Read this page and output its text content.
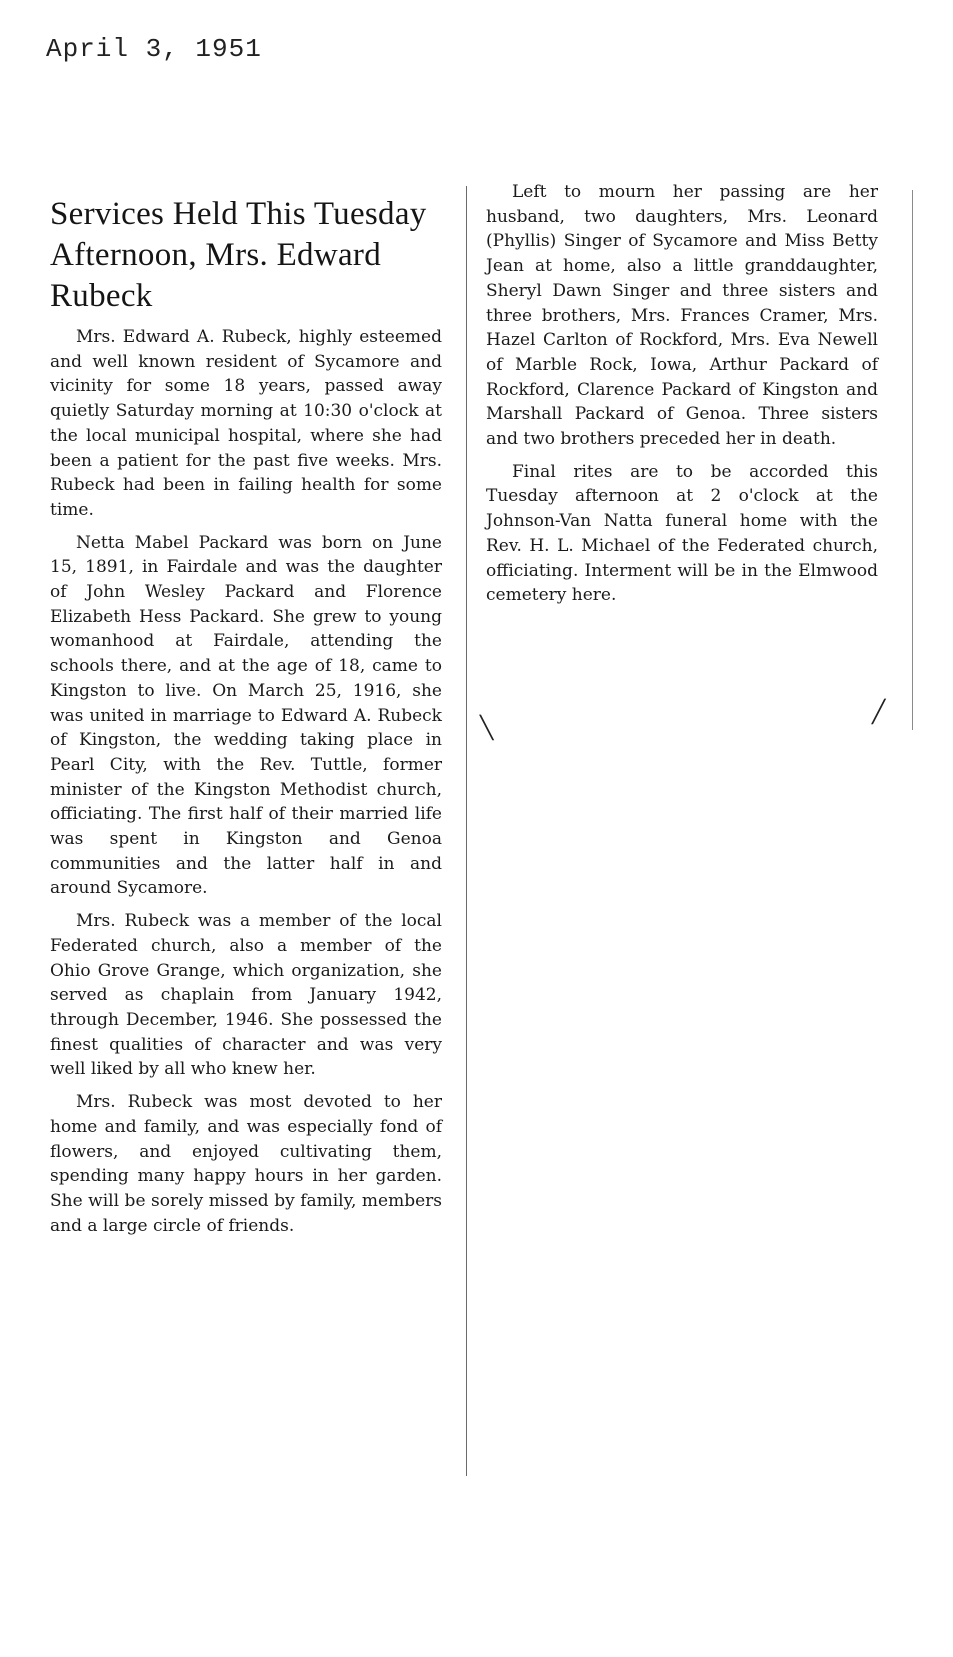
April 3, 1951
Services Held This Tuesday Afternoon, Mrs. Edward Rubeck

Mrs. Edward A. Rubeck, highly esteemed and well known resident of Sycamore and vicinity for some 18 years, passed away quietly Saturday morning at 10:30 o'clock at the local municipal hospital, where she had been a patient for the past five weeks. Mrs. Rubeck had been in failing health for some time.

Netta Mabel Packard was born on June 15, 1891, in Fairdale and was the daughter of John Wesley Packard and Florence Elizabeth Hess Packard. She grew to young womanhood at Fairdale, attending the schools there, and at the age of 18, came to Kingston to live. On March 25, 1916, she was united in marriage to Edward A. Rubeck of Kingston, the wedding taking place in Pearl City, with the Rev. Tuttle, former minister of the Kingston Methodist church, officiating. The first half of their married life was spent in Kingston and Genoa communities and the latter half in and around Sycamore.

Mrs. Rubeck was a member of the local Federated church, also a member of the Ohio Grove Grange, which organization, she served as chaplain from January 1942, through December, 1946. She possessed the finest qualities of character and was very well liked by all who knew her.

Mrs. Rubeck was most devoted to her home and family, and was especially fond of flowers, and enjoyed cultivating them, spending many happy hours in her garden. She will be sorely missed by family, members and a large circle of friends.

Left to mourn her passing are her husband, two daughters, Mrs. Leonard (Phyllis) Singer of Sycamore and Miss Betty Jean at home, also a little granddaughter, Sheryl Dawn Singer and three sisters and three brothers, Mrs. Frances Cramer, Mrs. Hazel Carlton of Rockford, Mrs. Eva Newell of Marble Rock, Iowa, Arthur Packard of Rockford, Clarence Packard of Kingston and Marshall Packard of Genoa. Three sisters and two brothers preceded her in death.

Final rites are to be accorded this Tuesday afternoon at 2 o'clock at the Johnson-Van Natta funeral home with the Rev. H. L. Michael of the Federated church, officiating. Interment will be in the Elmwood cemetery here.

╲
╱
